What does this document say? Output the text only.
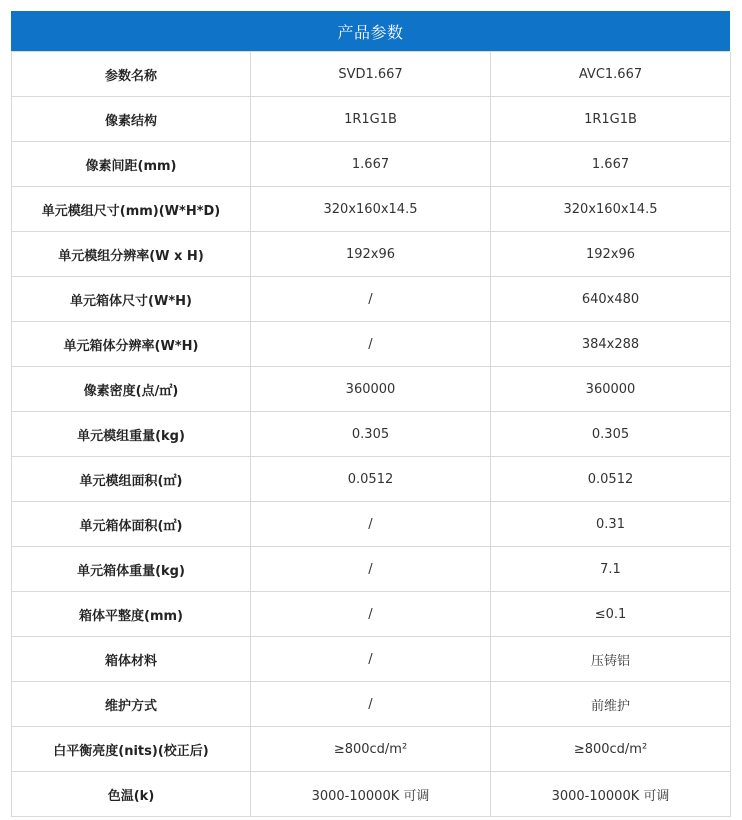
产品参数
参数名称	SVD1.667	AVC1.667
像素结构	1R1G1B	1R1G1B
像素间距(mm)	1.667	1.667
单元模组尺寸(mm)(W*H*D)	320x160x14.5	320x160x14.5
单元模组分辨率(W x H)	192x96	192x96
单元箱体尺寸(W*H)	/	640x480
单元箱体分辨率(W*H)	/	384x288
像素密度(点/㎡)	360000	360000
单元模组重量(kg)	0.305	0.305
单元模组面积(㎡)	0.0512	0.0512
单元箱体面积(㎡)	/	0.31
单元箱体重量(kg)	/	7.1
箱体平整度(mm)	/	≤0.1
箱体材料	/	压铸铝
维护方式	/	前维护
白平衡亮度(nits)(校正后)	≥800cd/m²	≥800cd/m²
色温(k)	3000-10000K 可调	3000-10000K 可调
